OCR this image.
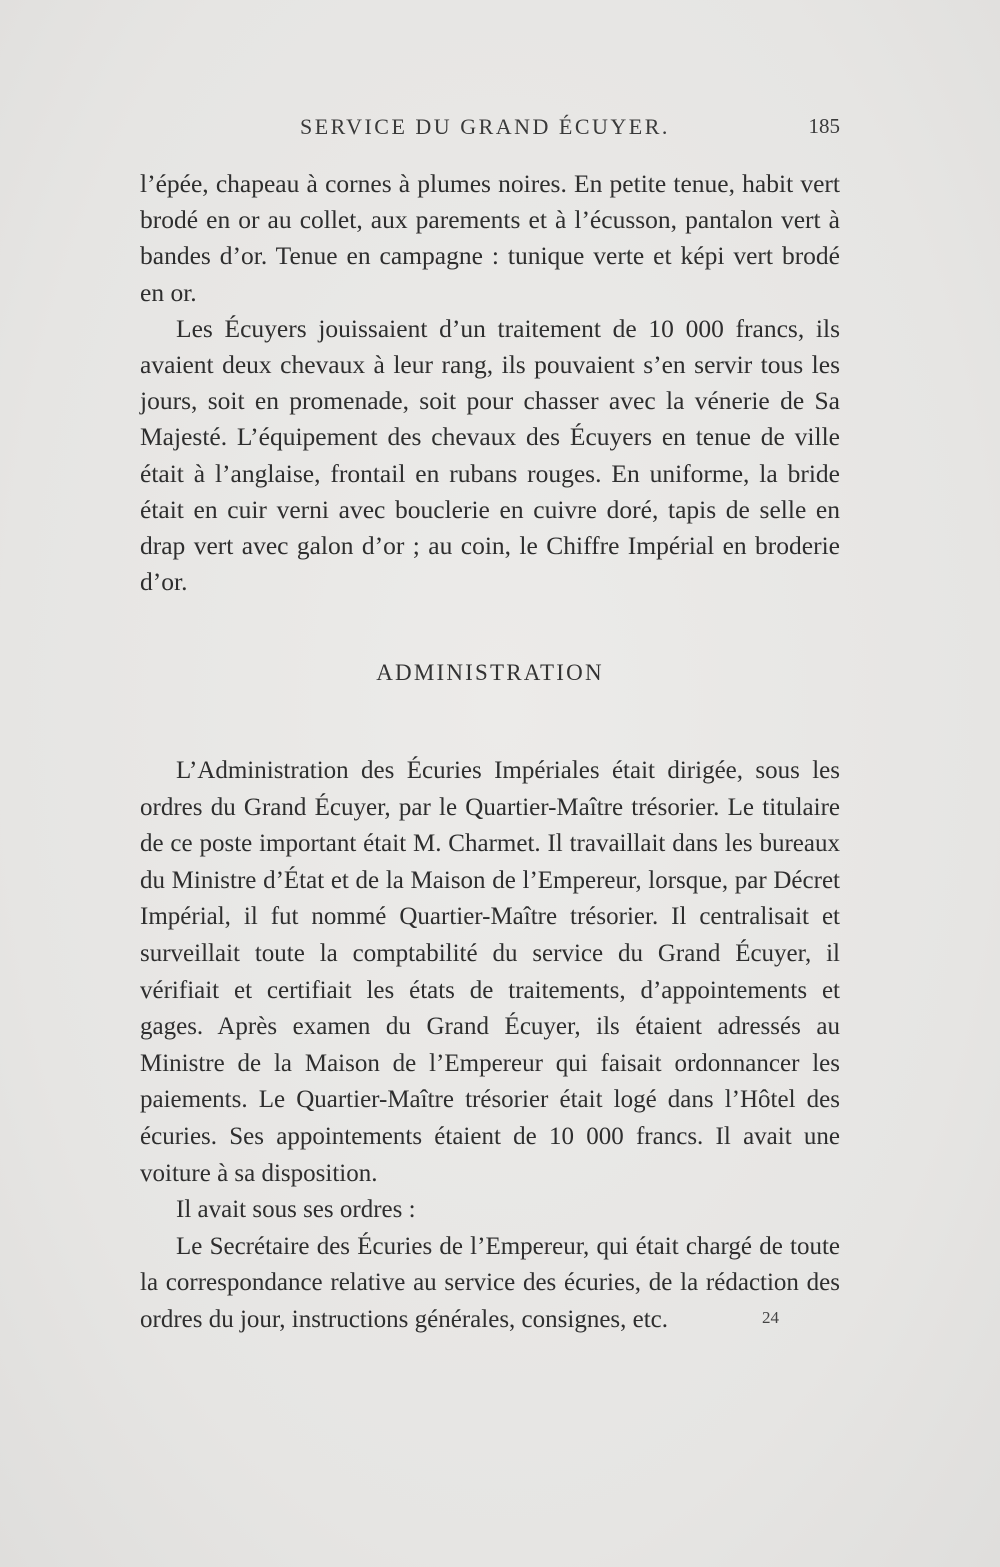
SERVICE DU GRAND ÉCUYER.	185

l’épée, chapeau à cornes à plumes noires. En petite tenue, habit vert brodé en or au collet, aux parements et à l’écusson, pantalon vert à bandes d’or. Tenue en campagne : tunique verte et képi vert brodé en or.

Les Écuyers jouissaient d’un traitement de 10 000 francs, ils avaient deux chevaux à leur rang, ils pouvaient s’en servir tous les jours, soit en promenade, soit pour chasser avec la vénerie de Sa Majesté. L’équipement des chevaux des Écuyers en tenue de ville était à l’anglaise, frontail en rubans rouges. En uniforme, la bride était en cuir verni avec bouclerie en cuivre doré, tapis de selle en drap vert avec galon d’or ; au coin, le Chiffre Impérial en broderie d’or.

ADMINISTRATION

L’Administration des Écuries Impériales était dirigée, sous les ordres du Grand Écuyer, par le Quartier-Maître trésorier. Le titulaire de ce poste important était M. Charmet. Il travaillait dans les bureaux du Ministre d’État et de la Maison de l’Empereur, lorsque, par Décret Impérial, il fut nommé Quartier-Maître trésorier. Il centralisait et surveillait toute la comptabilité du service du Grand Écuyer, il vérifiait et certifiait les états de traitements, d’appointements et gages. Après examen du Grand Écuyer, ils étaient adressés au Ministre de la Maison de l’Empereur qui faisait ordonnancer les paiements. Le Quartier-Maître trésorier était logé dans l’Hôtel des écuries. Ses appointements étaient de 10 000 francs. Il avait une voiture à sa disposition.

Il avait sous ses ordres :

Le Secrétaire des Écuries de l’Empereur, qui était chargé de toute la correspondance relative au service des écuries, de la rédaction des ordres du jour, instructions générales, consignes, etc.	24
